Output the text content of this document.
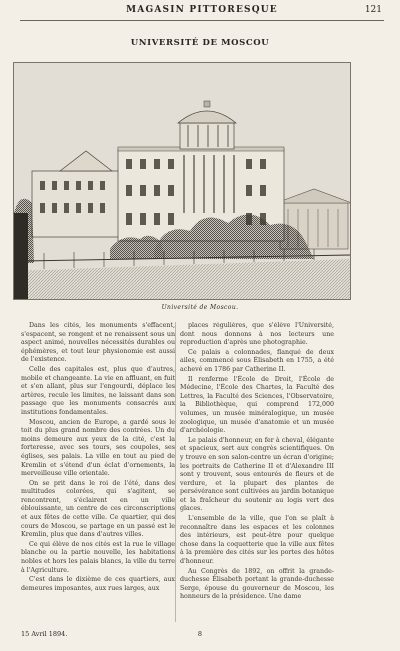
MAGASIN PITTORESQUE	121
UNIVERSITÉ DE MOSCOU
Université de Moscou.

Dans les cités, les monuments s'effacent, s'espacent, se rongent et ne renaissent sous un aspect animé, nouvelles nécessités durables ou éphémères, et tout leur physionomie est aussi de l'existence.

Celle des capitales est, plus que d'autres, mobile et changeante. La vie en affluant, en fuit et s'en allant, plus sur l'engourdi, déplace les artères, recule les limites, ne laissant dans son passage que les monuments consacrés aux institutions fondamentales.

Moscou, ancien de Europe, a gardé sous le toit du plus grand nombre des contrées. Un du moins demeure aux yeux de la cité, c'est la forteresse, avec ses tours, ses coupoles, ses églises, ses palais. La ville en tout au pied de Kremlin et s'étend d'un éclat d'ornements, la merveilleuse ville orientale.

On se prit dans le roi de l'été, dans des multitudes colorées, qui s'agitent, se rencontrent, s'éclairent en un ville éblouissante, un centre de ces circonscriptions et aux fêtes de cette ville. Ce quartier, qui des cours de Moscou, se partage en un passé est le Kremlin, plus que dans d'autres villes.

Ce qui élève de nos cités est la rue le village blanche ou la partie nouvelle, les habitations nobles et hors les palais blancs, la ville du terre à l'Agriculture.

C'est dans le dixième de ces quartiers, aux demeures imposantes, aux rues larges, aux

places régulières, que s'élève l'Université, dont nous donnons à nos lecteurs une reproduction d'après une photographie.

Ce palais a colonnades, flanqué de deux ailes, commencé sous Élisabeth en 1755, a été achevé en 1786 par Catherine II.

Il renferme l'École de Droit, l'École de Médecine, l'École des Chartes, la Faculté des Lettres, la Faculté des Sciences, l'Observatoire, la Bibliothèque, qui comprend 172,000 volumes, un musée minéralogique, un musée zoologique, un musée d'anatomie et un musée d'archéologie.

Le palais d'honneur, en fer à cheval, élégante et spacieux, sert aux congrès scientifiques. On y trouve en son salon-centre un écran d'origine; les portraits de Catherine II et d'Alexandre III sont y trouvent, sous entourés de fleurs et de verdure, et la plupart des plantes de persévérance sont cultivées au jardin botanique et la fraîcheur du soutenir au logis vert des glaces.

L'ensemble de la ville, que l'on se plaît à reconnaître dans les espaces et les colonnes des intérieurs, est peut-être pour quelque chose dans la coquetterie que la ville aux fêtes à la première des cités sur les portes des hôtes d'honneur.

Au Congrès de 1892, on offrit la grande-duchesse Élisabeth portant la grande-duchesse Serge, épouse du gouverneur de Moscou, les honneurs de la présidence. Une dame

15 Avril 1894.	8
